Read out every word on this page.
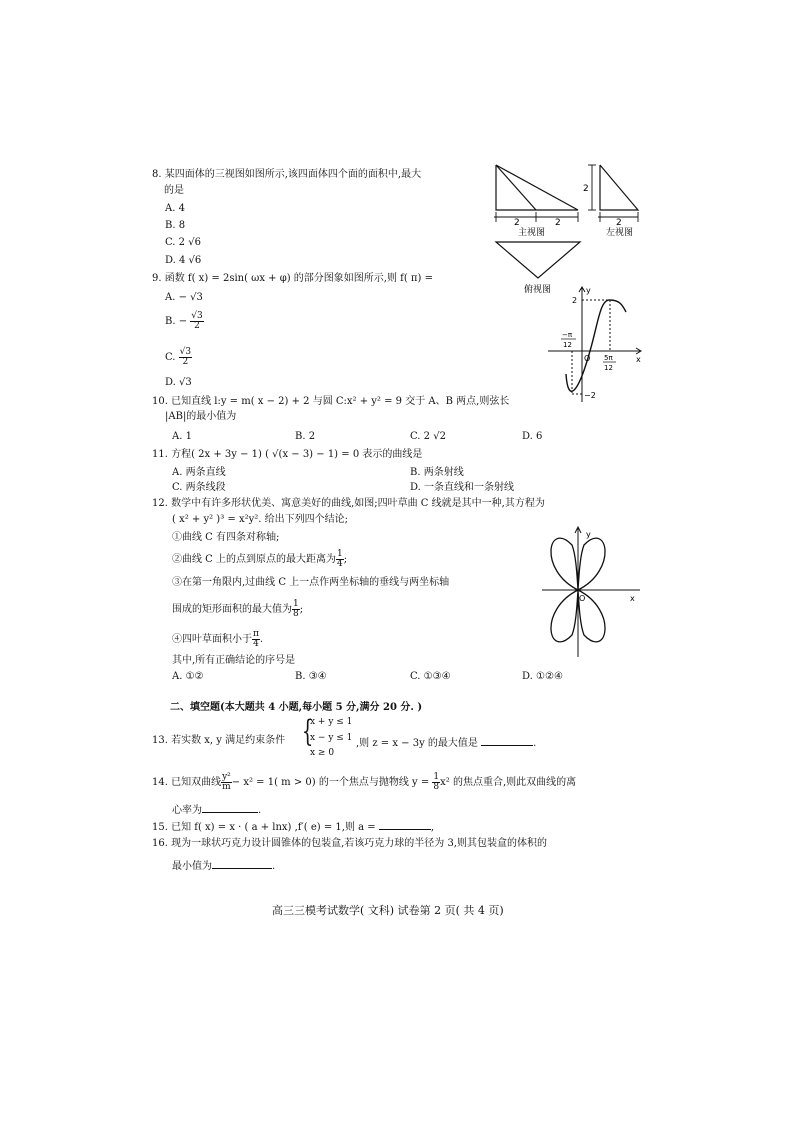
8. 某四面体的三视图如图所示,该四面体四个面的面积中,最大
的是
A. 4
B. 8
C. 2 √6
D. 4 √6
2	2
主视图
2
2
左视图
俯视图
9. 函数 f( x) = 2sin( ωx + φ) 的部分图象如图所示,则 f( π) =
A. − √3
B. − $\frac{√3}{2}$
C. $\frac{√3}{2}$
D. √3
y
x
O
2
−2
−π
12
5π
12
10. 已知直线 l:y = m( x − 2) + 2 与圆 C:x² + y² = 9 交于 A、B 两点,则弦长
|AB|的最小值为
A. 1	B. 2	C. 2 √2	D. 6
11. 方程( 2x + 3y − 1) ( √(x − 3) − 1) = 0 表示的曲线是
A. 两条直线	B. 两条射线
C. 两条线段	D. 一条直线和一条射线
12. 数学中有许多形状优美、寓意美好的曲线,如图;四叶草曲 C 线就是其中一种,其方程为
( x² + y² )³ = x²y². 给出下列四个结论;
①曲线 C 有四条对称轴;
②曲线 C 上的点到原点的最大距离为 $\frac{1}{4}$ ;
③在第一角限内,过曲线 C 上一点作两坐标轴的垂线与两坐标轴
围成的矩形面积的最大值为 $\frac{1}{8}$ ;
④四叶草面积小于 $\frac{\pi}{4}$ .
其中,所有正确结论的序号是
A. ①②	B. ③④	C. ①③④	D. ①②④
y
x
O
二、填空题(本大题共 4 小题,每小题 5 分,满分 20 分. )
13. 若实数 x, y 满足约束条件 {
x + y ≤ 1
x − y ≤ 1
x ≥ 0
,则 z = x − 3y 的最大值是	.
14. 已知双曲线 $\frac{\text{y²}}{m} - x^2 = 1$( m > 0) 的一个焦点与抛物线 $y = \frac{1}{8} x^2$ 的焦点重合,则此双曲线的离
心率为	.
15. 已知 f( x) = x · ( a + lnx) ,f′( e) = 1,则 a =	,
16. 现为一球状巧克力设计圆锥体的包装盒,若该巧克力球的半径为 3,则其包装盒的体积的
最小值为	.
高三三模考试数学( 文科) 试卷第 2 页( 共 4 页)
